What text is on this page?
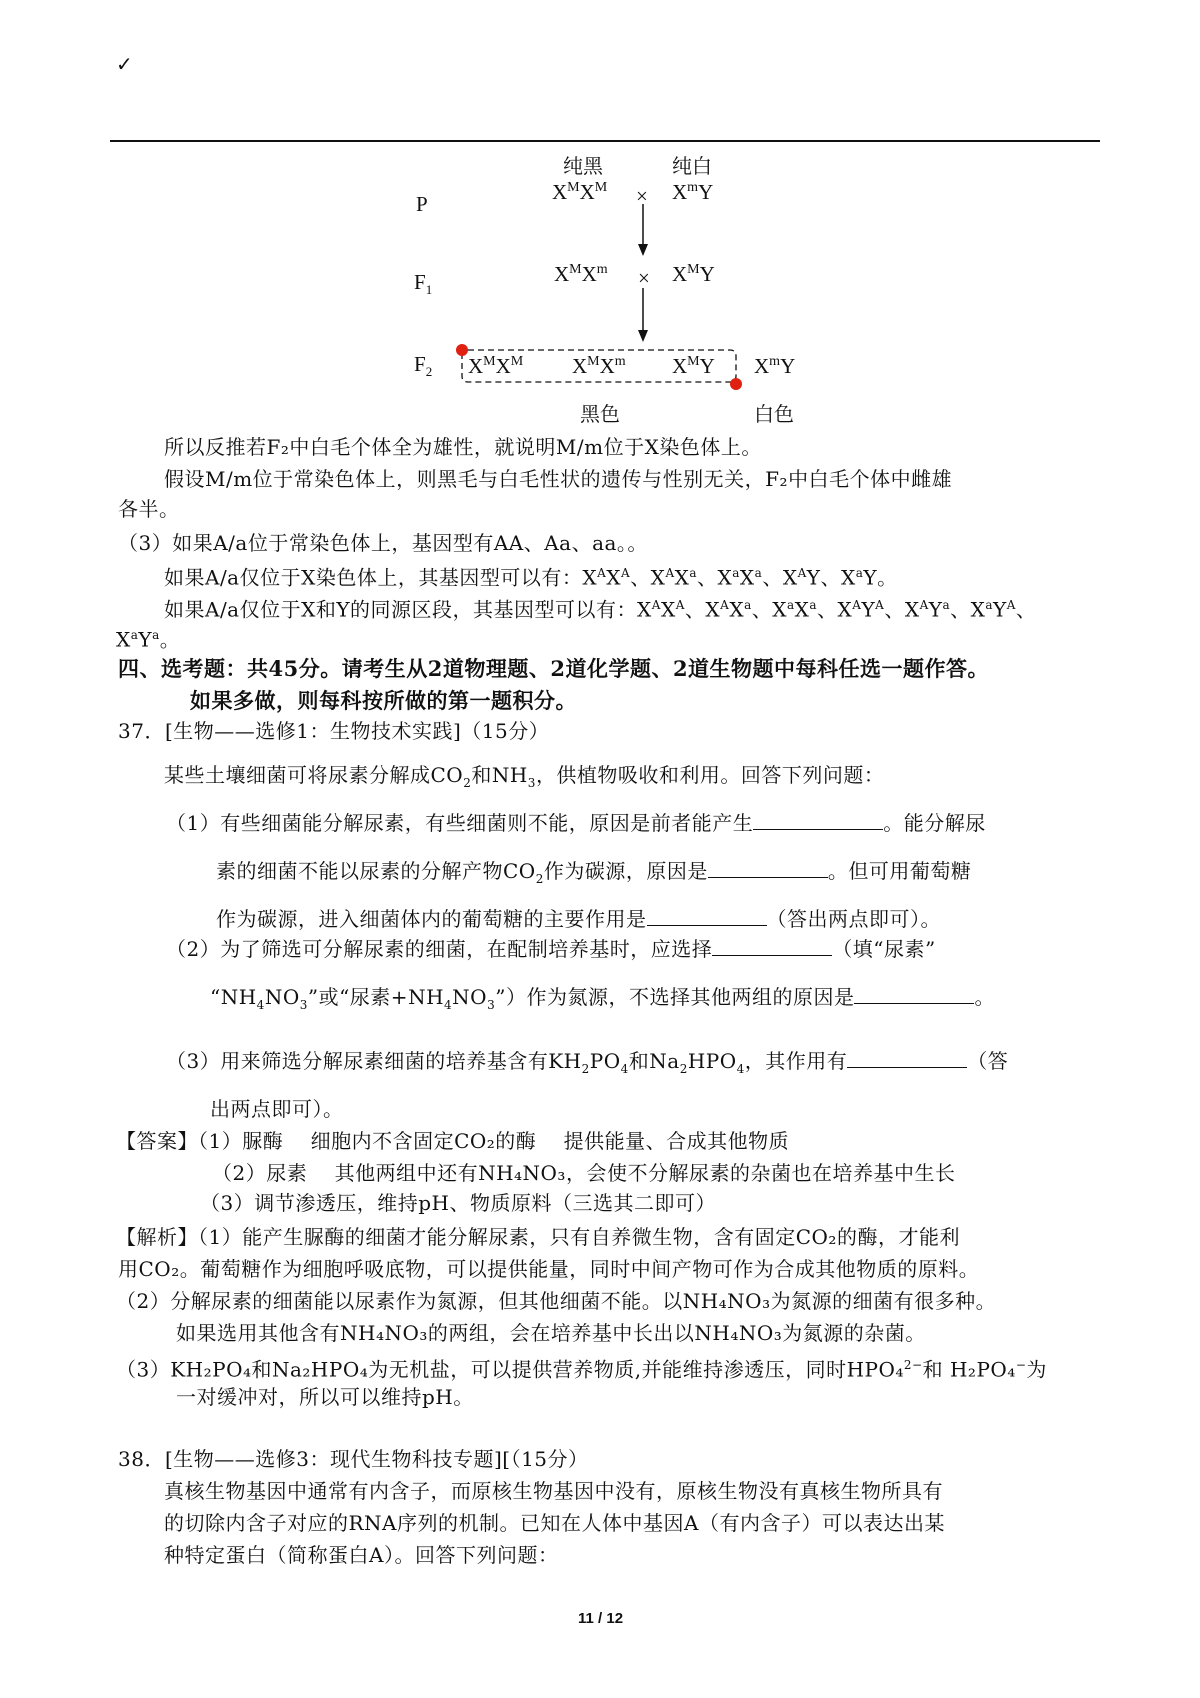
✓
纯黑	纯白
P	$X^MX^M \times X^mY$
$F_1$
$X^MX^m \times X^MY$
$F_2$ $X^MX^M$ $X^MX^m$ $X^MY$ $X^mY$
黑色	白色
所以反推若F₂中白毛个体全为雄性，就说明M/m位于X染色体上。
假设M/m位于常染色体上，则黑毛与白毛性状的遗传与性别无关，F₂中白毛个体中雌雄
各半。
（3）如果A/a位于常染色体上，基因型有AA、Aa、aa。。
如果A/a仅位于X染色体上，其基因型可以有：$X^AX^A$、$X^AX^a$、$X^aX^a$、$X^AY$、$X^aY$。
如果A/a仅位于X和Y的同源区段，其基因型可以有：$X^AX^A$、$X^AX^a$、$X^aX^a$、$X^AY^A$、$X^AY^a$、$X^aY^A$、
$X^aY^a$。
四、选考题：共45分。请考生从2道物理题、2道化学题、2道生物题中每科任选一题作答。
如果多做，则每科按所做的第一题积分。
37．[生物——选修1：生物技术实践]（15分）
某些土壤细菌可将尿素分解成$CO_2$和$NH_3$，供植物吸收和利用。回答下列问题：
（1）有些细菌能分解尿素，有些细菌则不能，原因是前者能产生	。能分解尿
素的细菌不能以尿素的分解产物$CO_2$作为碳源，原因是	。但可用葡萄糖
作为碳源，进入细菌体内的葡萄糖的主要作用是	（答出两点即可）。
（2）为了筛选可分解尿素的细菌，在配制培养基时，应选择	（填“尿素”
“$NH_4NO_3$”或“尿素$+NH_4NO_3$”）作为氮源，不选择其他两组的原因是	。
（3）用来筛选分解尿素细菌的培养基含有$KH_2PO_4$和$Na_2HPO_4$，其作用有	（答
出两点即可）。
【答案】（1）脲酶　 细胞内不含固定CO₂的酶　 提供能量、合成其他物质
（2）尿素　 其他两组中还有NH₄NO₃，会使不分解尿素的杂菌也在培养基中生长
（3）调节渗透压，维持pH、物质原料（三选其二即可）
【解析】（1）能产生脲酶的细菌才能分解尿素，只有自养微生物，含有固定CO₂的酶，才能利
用CO₂。葡萄糖作为细胞呼吸底物，可以提供能量，同时中间产物可作为合成其他物质的原料。
（2）分解尿素的细菌能以尿素作为氮源，但其他细菌不能。以NH₄NO₃为氮源的细菌有很多种。
如果选用其他含有NH₄NO₃的两组，会在培养基中长出以NH₄NO₃为氮源的杂菌。
（3）KH₂PO₄和Na₂HPO₄为无机盐，可以提供营养物质,并能维持渗透压，同时HPO₄$^{2-}$和 H₂PO₄−为
一对缓冲对，所以可以维持pH。
38．[生物——选修3：现代生物科技专题][（15分）
真核生物基因中通常有内含子，而原核生物基因中没有，原核生物没有真核生物所具有
的切除内含子对应的RNA序列的机制。已知在人体中基因A（有内含子）可以表达出某
种特定蛋白（简称蛋白A）。回答下列问题：
11 / 12
